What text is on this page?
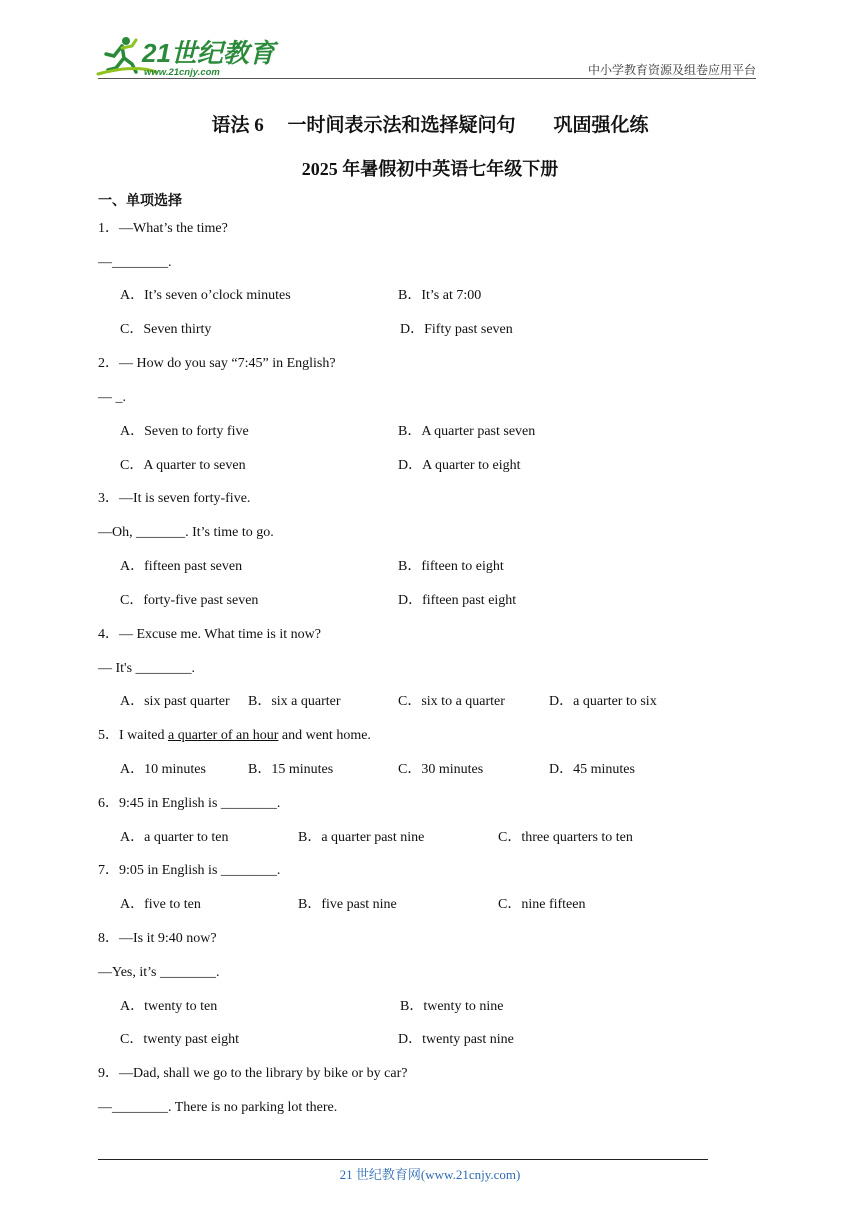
21世纪教育
www.21cnjy.com	中小学教育资源及组卷应用平台
语法 6　 一时间表示法和选择疑问句　　巩固强化练
2025 年暑假初中英语七年级下册
一、单项选择
1．—What’s the time?
—________.
A．It’s seven o’clock minutes	B．It’s at 7:00
C．Seven thirty	D．Fifty past seven
2．— How do you say “7:45” in English?
— _.
A．Seven to forty five	B．A quarter past seven
C．A quarter to seven	D．A quarter to eight
3．—It is seven forty-five.
—Oh, _______. It’s time to go.
A．fifteen past seven	B．fifteen to eight
C．forty-five past seven	D．fifteen past eight
4．— Excuse me. What time is it now?
— It's ________.
A．six past quarter B．six a quarter	C．six to a quarter	D．a quarter to six
5．I waited a quarter of an hour and went home.
A．10 minutes	B．15 minutes	C．30 minutes	D．45 minutes
6．9:45 in English is ________.
A．a quarter to ten	B．a quarter past nine	C．three quarters to ten
7．9:05 in English is ________.
A．five to ten	B．five past nine	C．nine fifteen
8．—Is it 9:40 now?
—Yes, it’s ________.
A．twenty to ten	B．twenty to nine
C．twenty past eight	D．twenty past nine
9．—Dad, shall we go to the library by bike or by car?
—________. There is no parking lot there.
21 世纪教育网(www.21cnjy.com)
